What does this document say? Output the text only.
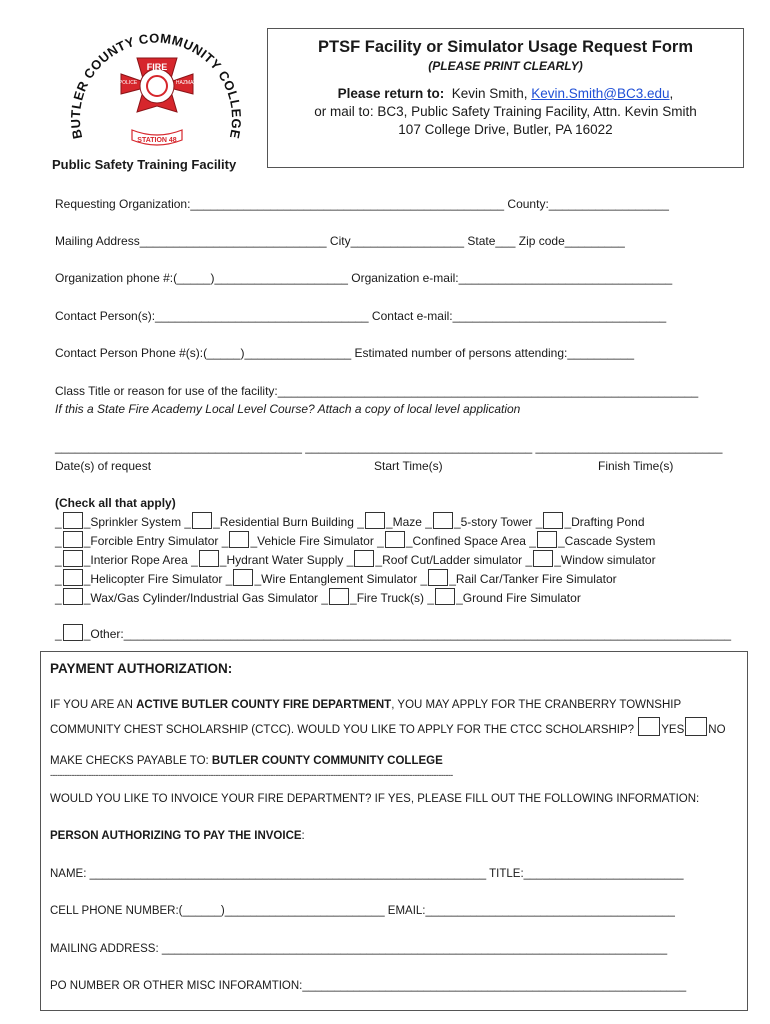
BUTLER COUNTY COMMUNITY COLLEGE
FIRE
EMS
POLICE	HAZMAT
STATION 48
Public Safety Training Facility
PTSF Facility or Simulator Usage Request Form
(PLEASE PRINT CLEARLY)
Please return to: Kevin Smith, Kevin.Smith@BC3.edu,
or mail to: BC3, Public Safety Training Facility, Attn. Kevin Smith
107 College Drive, Butler, PA 16022
Requesting Organization:_______________________________________________ County:__________________
Mailing Address____________________________ City_________________ State___ Zip code_________
Organization phone #:(_____)____________________ Organization e-mail:________________________________
Contact Person(s):________________________________ Contact e-mail:________________________________
Contact Person Phone #(s):(_____)________________ Estimated number of persons attending:__________
Class Title or reason for use of the facility:_______________________________________________________________
If this a State Fire Academy Local Level Course? Attach a copy of local level application
_____________________________________ __________________________________ ____________________________
Date(s) of request	Start Time(s)	Finish Time(s)
(Check all that apply)
_ _Sprinkler System _ _Residential Burn Building _ _Maze _ _5-story Tower _ _Drafting Pond
_ _Forcible Entry Simulator _ _Vehicle Fire Simulator _ _Confined Space Area _ _Cascade System
_ _Interior Rope Area _ _Hydrant Water Supply _ _Roof Cut/Ladder simulator _ _Window simulator
_ _Helicopter Fire Simulator _ _Wire Entanglement Simulator _ _Rail Car/Tanker Fire Simulator
_ _Wax/Gas Cylinder/Industrial Gas Simulator _ _Fire Truck(s) _ _Ground Fire Simulator
_ _Other:___________________________________________________________________________________________
PAYMENT AUTHORIZATION:
IF YOU ARE AN ACTIVE BUTLER COUNTY FIRE DEPARTMENT, YOU MAY APPLY FOR THE CRANBERRY TOWNSHIP
COMMUNITY CHEST SCHOLARSHIP (CTCC). WOULD YOU LIKE TO APPLY FOR THE CTCC SCHOLARSHIP? YES NO
MAKE CHECKS PAYABLE TO: BUTLER COUNTY COMMUNITY COLLEGE
------------------------------------------------------------------------------------------------------------------------------------------------------------------------
WOULD YOU LIKE TO INVOICE YOUR FIRE DEPARTMENT? IF YES, PLEASE FILL OUT THE FOLLOWING INFORMATION:
PERSON AUTHORIZING TO PAY THE INVOICE:
NAME: ______________________________________________________________ TITLE:_________________________
CELL PHONE NUMBER:(______)_________________________ EMAIL:_______________________________________
MAILING ADDRESS: _______________________________________________________________________________
PO NUMBER OR OTHER MISC INFORAMTION:____________________________________________________________
